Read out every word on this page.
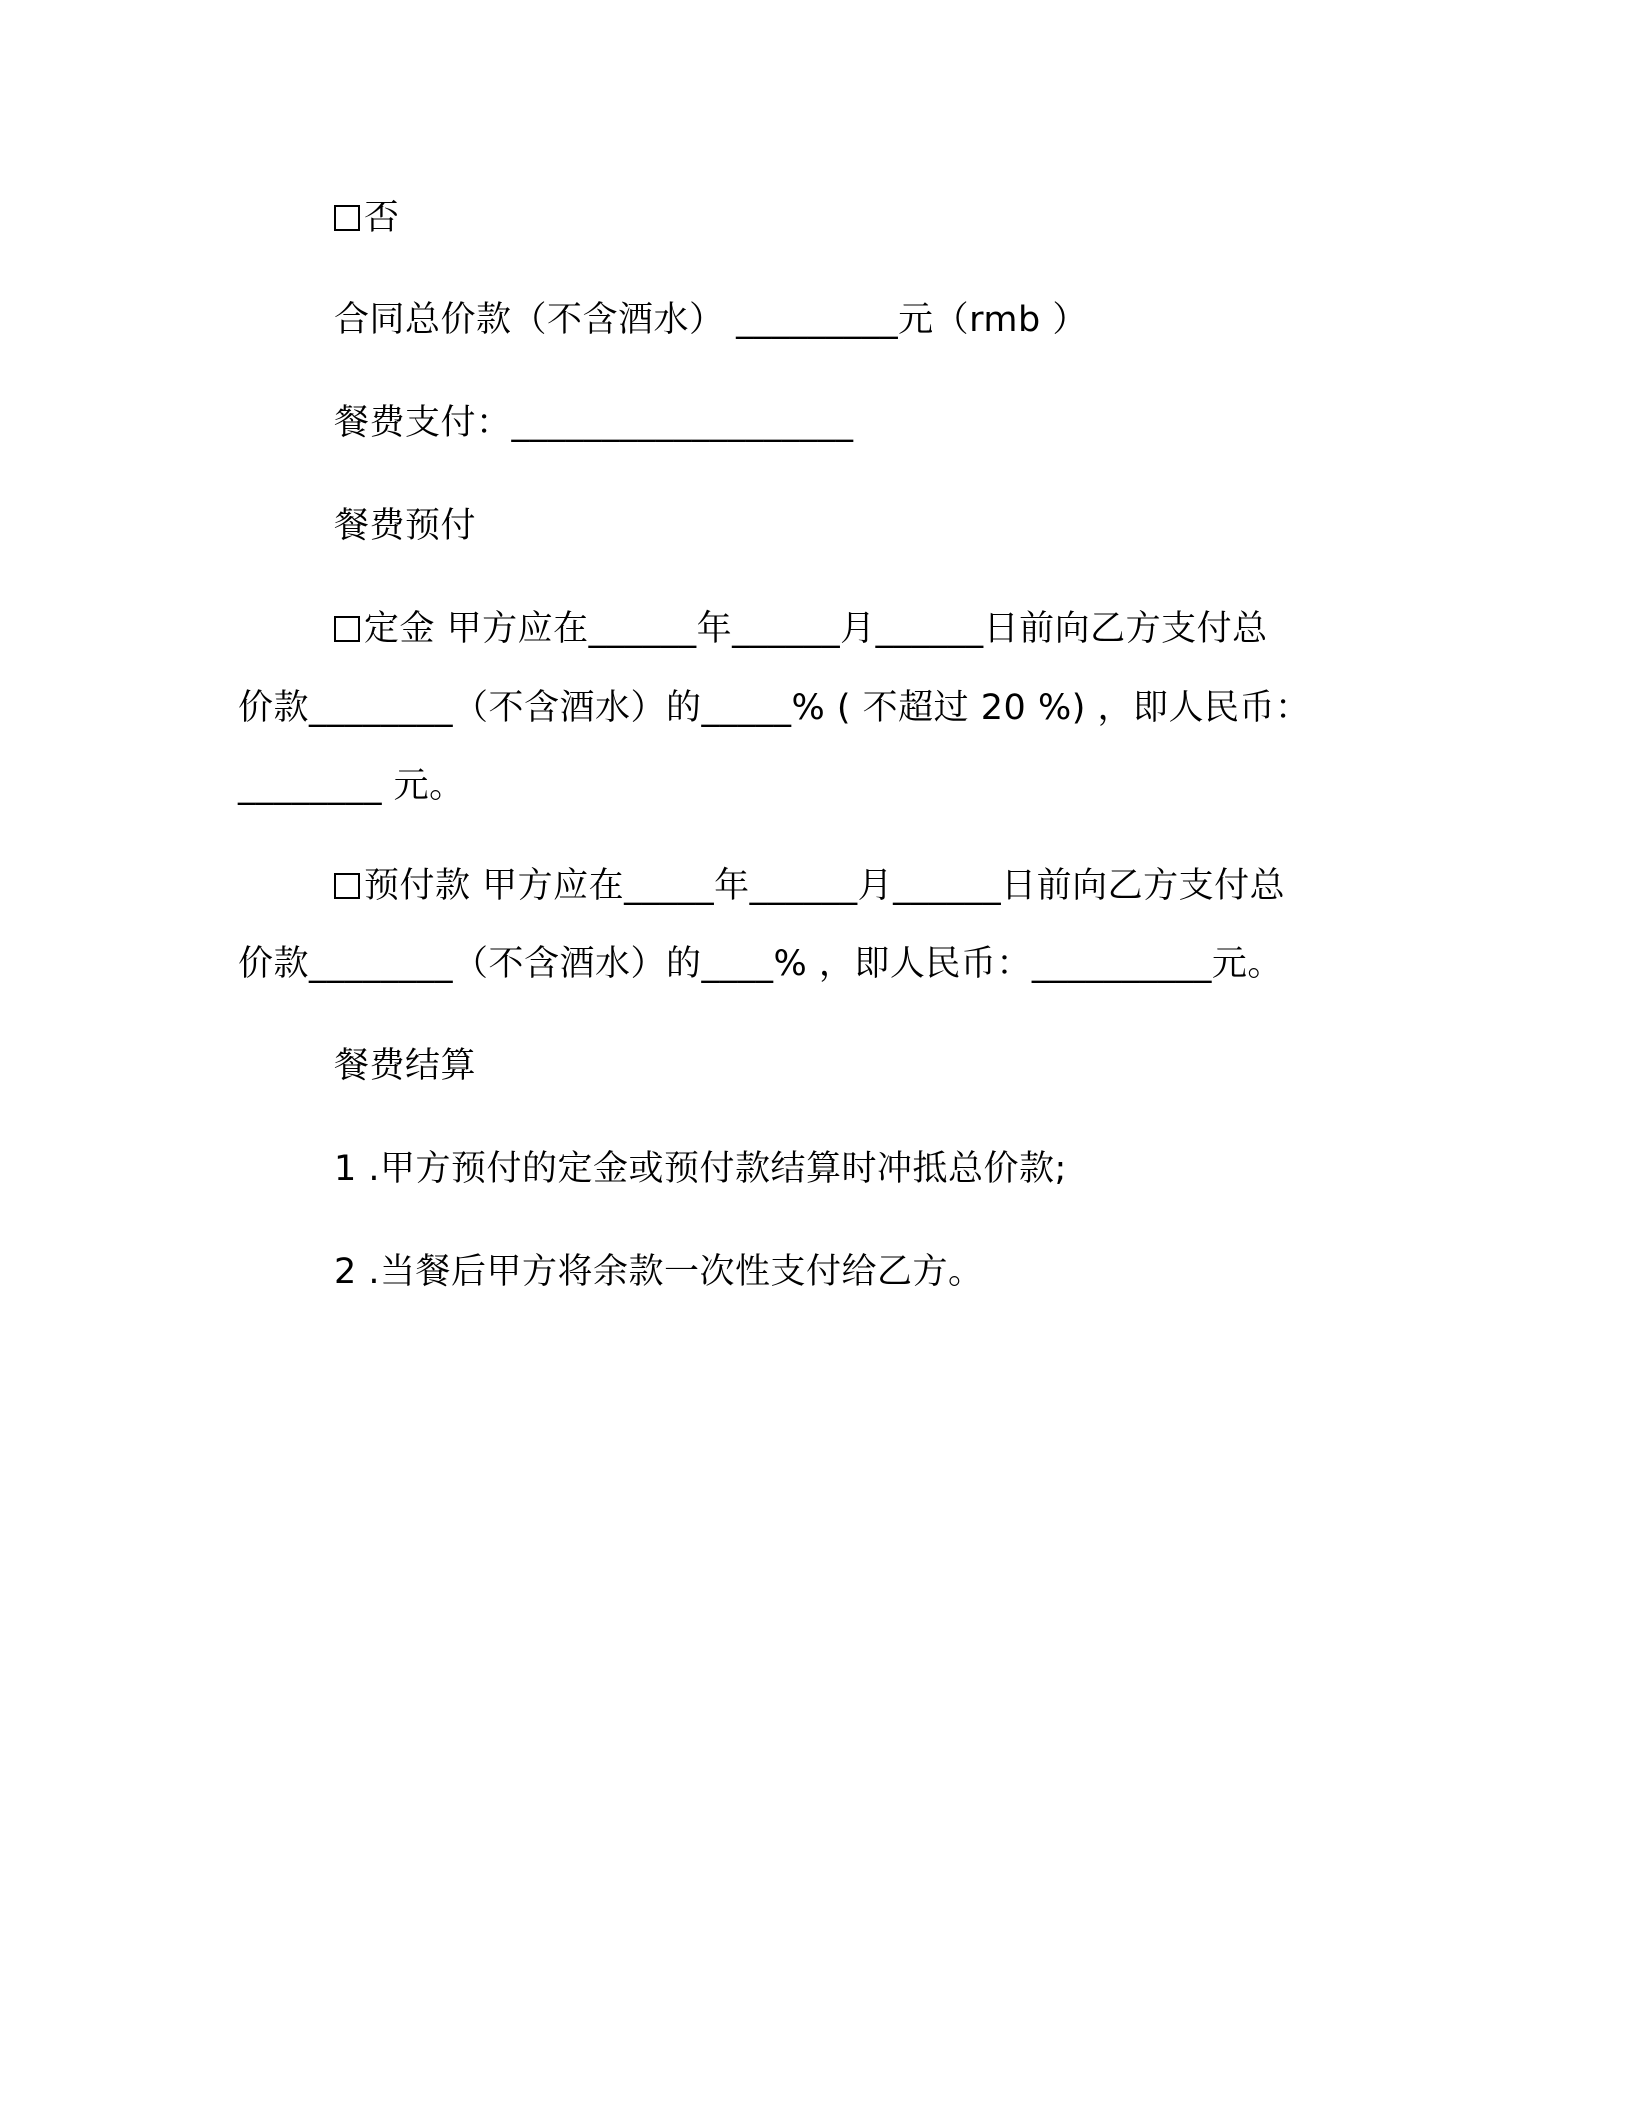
否
合同总价款（不含酒水） _________元（rmb ）
餐费支付：___________________
餐费预付
定金 甲方应在______年______月______日前向乙方支付总
价款________（不含酒水）的_____% ( 不超过 20 %) ，即人民币：
________ 元。
预付款 甲方应在_____年______月______日前向乙方支付总
价款________（不含酒水）的____% ，即人民币：__________元。
餐费结算
1 .甲方预付的定金或预付款结算时冲抵总价款;
2 .当餐后甲方将余款一次性支付给乙方。
